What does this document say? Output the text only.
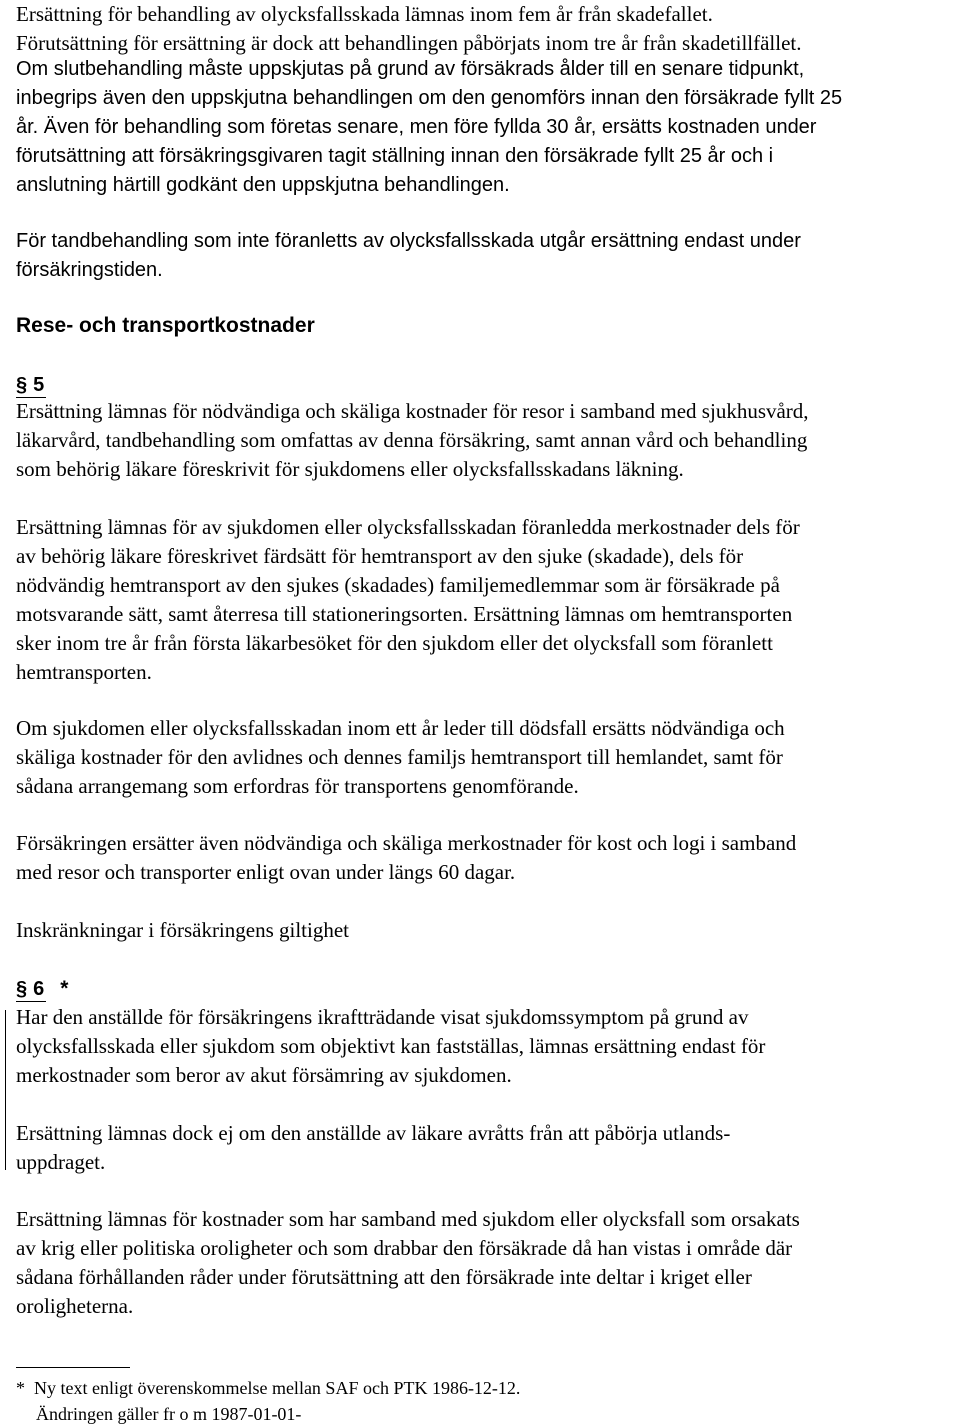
Ersättning för behandling av olycksfallsskada lämnas inom fem år från skadefallet.
Förutsättning för ersättning är dock att behandlingen påbörjats inom tre år från skadetillfället.
Om slutbehandling måste uppskjutas på grund av försäkrads ålder till en senare tidpunkt,
inbegrips även den uppskjutna behandlingen om den genomförs innan den försäkrade fyllt 25
år. Även för behandling som företas senare, men före fyllda 30 år, ersätts kostnaden under
förutsättning att försäkringsgivaren tagit ställning innan den försäkrade fyllt 25 år och i
anslutning härtill godkänt den uppskjutna behandlingen.
För tandbehandling som inte föranletts av olycksfallsskada utgår ersättning endast under
försäkringstiden.
Rese- och transportkostnader
§ 5
Ersättning lämnas för nödvändiga och skäliga kostnader för resor i samband med sjukhusvård,
läkarvård, tandbehandling som omfattas av denna försäkring, samt annan vård och behandling
som behörig läkare föreskrivit för sjukdomens eller olycksfallsskadans läkning.
Ersättning lämnas för av sjukdomen eller olycksfallsskadan föranledda merkostnader dels för
av behörig läkare föreskrivet färdsätt för hemtransport av den sjuke (skadade), dels för
nödvändig hemtransport av den sjukes (skadades) familjemedlemmar som är försäkrade på
motsvarande sätt, samt återresa till stationeringsorten. Ersättning lämnas om hemtransporten
sker inom tre år från första läkarbesöket för den sjukdom eller det olycksfall som föranlett
hemtransporten.
Om sjukdomen eller olycksfallsskadan inom ett år leder till dödsfall ersätts nödvändiga och
skäliga kostnader för den avlidnes och dennes familjs hemtransport till hemlandet, samt för
sådana arrangemang som erfordras för transportens genomförande.
Försäkringen ersätter även nödvändiga och skäliga merkostnader för kost och logi i samband
med resor och transporter enligt ovan under längs 60 dagar.
Inskränkningar i försäkringens giltighet
§ 6 *
Har den anställde för försäkringens ikraftträdande visat sjukdomssymptom på grund av
olycksfallsskada eller sjukdom som objektivt kan fastställas, lämnas ersättning endast för
merkostnader som beror av akut försämring av sjukdomen.
Ersättning lämnas dock ej om den anställde av läkare avråtts från att påbörja utlands-
uppdraget.
Ersättning lämnas för kostnader som har samband med sjukdom eller olycksfall som orsakats
av krig eller politiska oroligheter och som drabbar den försäkrade då han vistas i område där
sådana förhållanden råder under förutsättning att den försäkrade inte deltar i kriget eller
oroligheterna.
* Ny text enligt överenskommelse mellan SAF och PTK 1986-12-12.
Ändringen gäller fr o m 1987-01-01-
